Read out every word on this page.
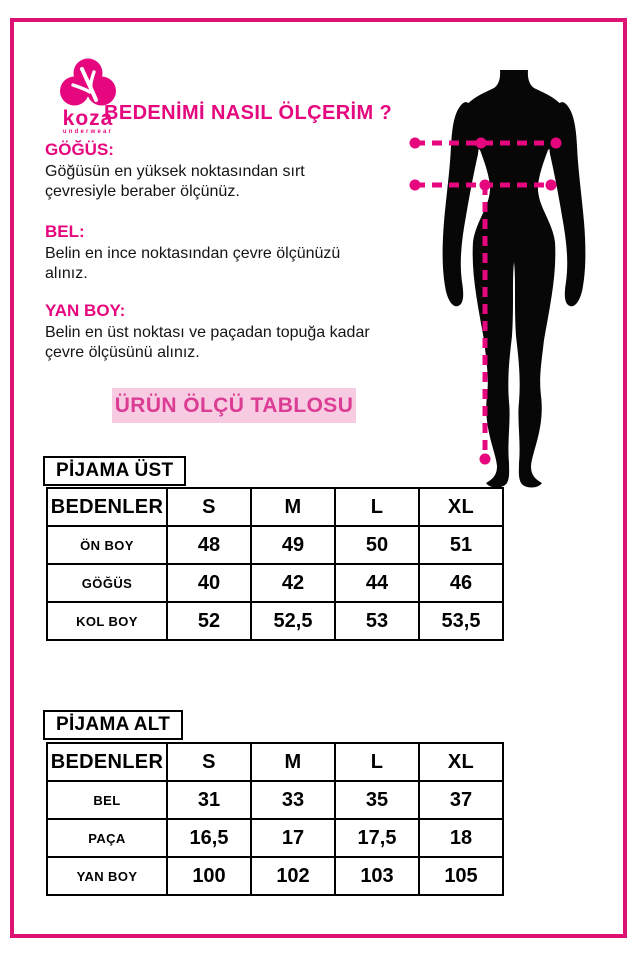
koza
underwear
BEDENİMİ NASIL ÖLÇERİM ?
GÖĞÜS:
Göğüsün en yüksek noktasından sırt çevresiyle beraber ölçünüz.
BEL:
Belin en ince noktasından çevre ölçünüzü alınız.
YAN BOY:
Belin en üst noktası ve paçadan topuğa kadar çevre ölçüsünü alınız.
ÜRÜN ÖLÇÜ TABLOSU
PİJAMA ÜST
BEDENLER	S	M	L	XL
ÖN BOY	48	49	50	51
GÖĞÜS	40	42	44	46
KOL BOY	52	52,5	53	53,5
PİJAMA ALT
BEDENLER	S	M	L	XL
BEL	31	33	35	37
PAÇA	16,5	17	17,5	18
YAN BOY	100	102	103	105
